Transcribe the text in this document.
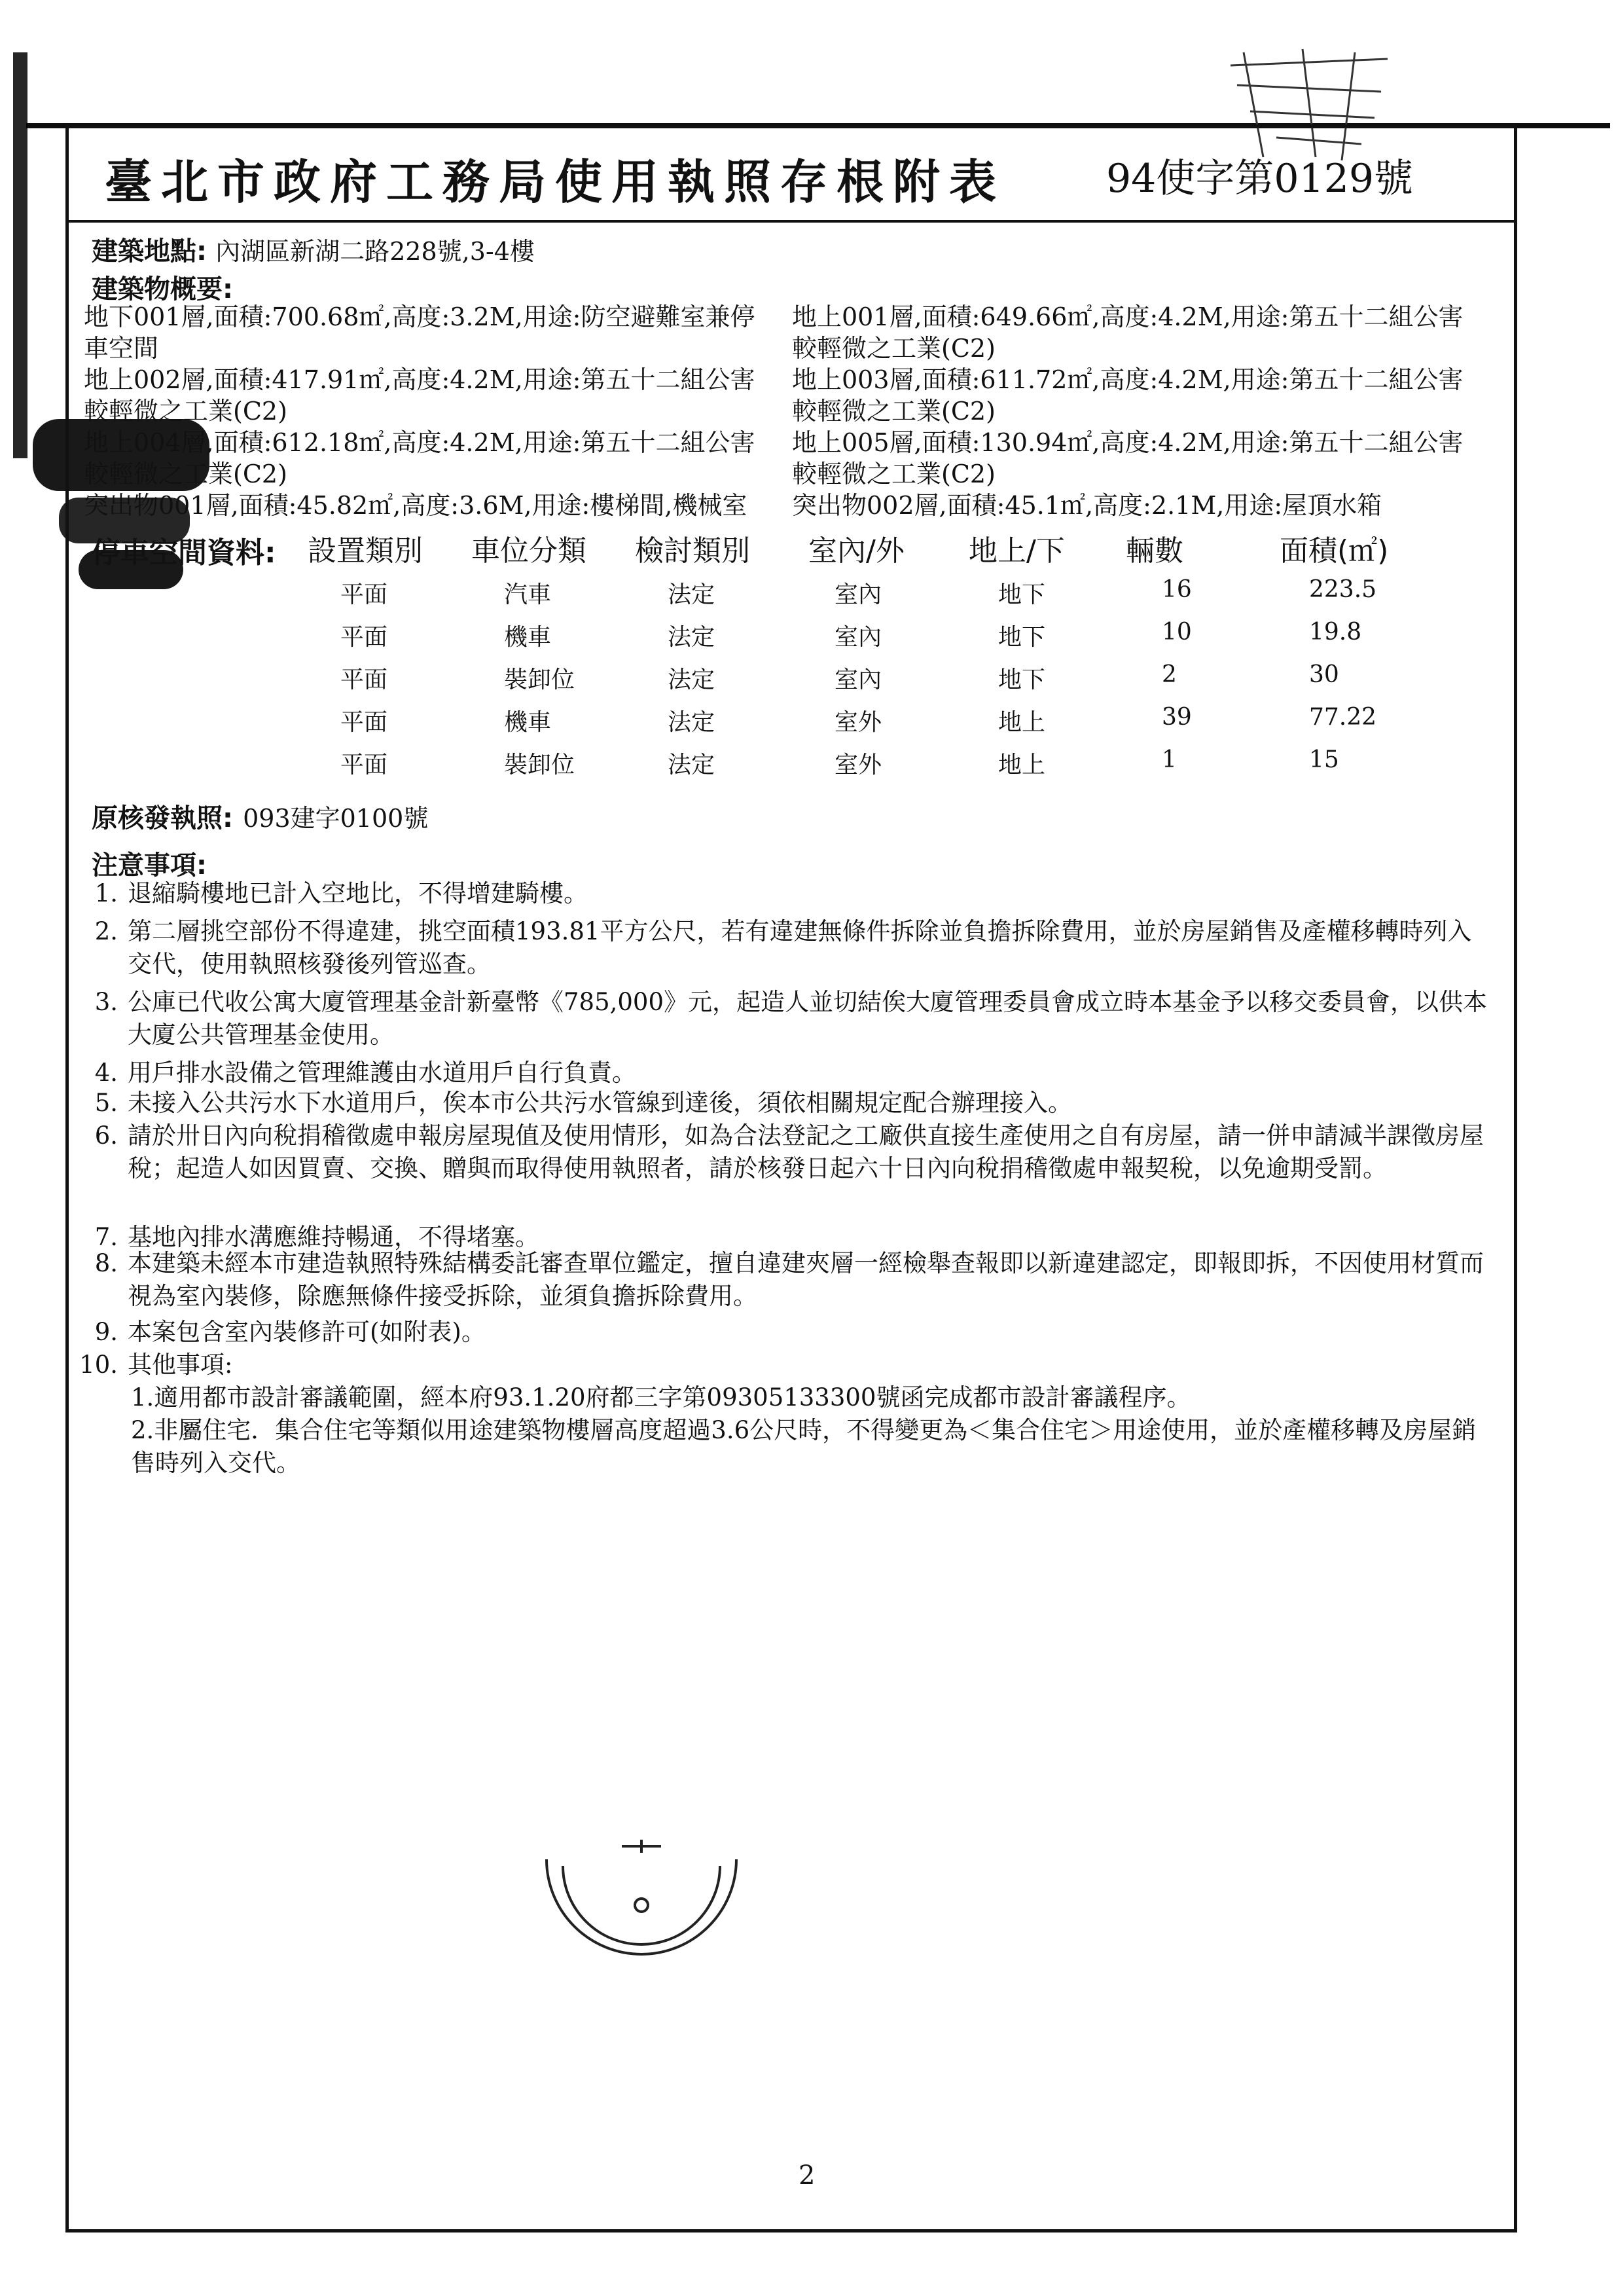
臺北市政府工務局使用執照存根附表	94使字第0129號
建築地點: 內湖區新湖二路228號,3-4樓
建築物概要:
地下001層,面積:700.68㎡,高度:3.2M,用途:防空避難室兼停車空間
地上001層,面積:649.66㎡,高度:4.2M,用途:第五十二組公害較輕微之工業(C2)
地上002層,面積:417.91㎡,高度:4.2M,用途:第五十二組公害較輕微之工業(C2)
地上003層,面積:611.72㎡,高度:4.2M,用途:第五十二組公害較輕微之工業(C2)
地上004層,面積:612.18㎡,高度:4.2M,用途:第五十二組公害較輕微之工業(C2)
地上005層,面積:130.94㎡,高度:4.2M,用途:第五十二組公害較輕微之工業(C2)
突出物001層,面積:45.82㎡,高度:3.6M,用途:樓梯間,機械室	突出物002層,面積:45.1㎡,高度:2.1M,用途:屋頂水箱
停車空間資料: 設置類別 車位分類 檢討類別 室內/外 地上/下 輛數	面積(㎡)
平面	汽車	法定	室內	地下	16	223.5
平面	機車	法定	室內	地下	10	19.8
平面	裝卸位	法定	室內	地下	2	30
平面	機車	法定	室外	地上	39	77.22
平面	裝卸位	法定	室外	地上	1	15
原核發執照: 093建字0100號
注意事項:
1. 退縮騎樓地已計入空地比，不得增建騎樓。
2. 第二層挑空部份不得違建，挑空面積193.81平方公尺，若有違建無條件拆除並負擔拆除費用，並於房屋銷售及產權移轉時列入交代，使用執照核發後列管巡查。
3. 公庫已代收公寓大廈管理基金計新臺幣《785,000》元，起造人並切結俟大廈管理委員會成立時本基金予以移交委員會，以供本大廈公共管理基金使用。
4. 用戶排水設備之管理維護由水道用戶自行負責。
5. 未接入公共污水下水道用戶，俟本市公共污水管線到達後，須依相關規定配合辦理接入。
6. 請於卅日內向稅捐稽徵處申報房屋現值及使用情形，如為合法登記之工廠供直接生產使用之自有房屋，請一併申請減半課徵房屋稅；起造人如因買賣、交換、贈與而取得使用執照者，請於核發日起六十日內向稅捐稽徵處申報契稅，以免逾期受罰。
7. 基地內排水溝應維持暢通，不得堵塞。
8. 本建築未經本市建造執照特殊結構委託審查單位鑑定，擅自違建夾層一經檢舉查報即以新違建認定，即報即拆，不因使用材質而視為室內裝修，除應無條件接受拆除，並須負擔拆除費用。
9. 本案包含室內裝修許可(如附表)。
10. 其他事項:
1.適用都市設計審議範圍，經本府93.1.20府都三字第09305133300號函完成都市設計審議程序。
2.非屬住宅．集合住宅等類似用途建築物樓層高度超過3.6公尺時，不得變更為＜集合住宅＞用途使用，並於產權移轉及房屋銷售時列入交代。
2
